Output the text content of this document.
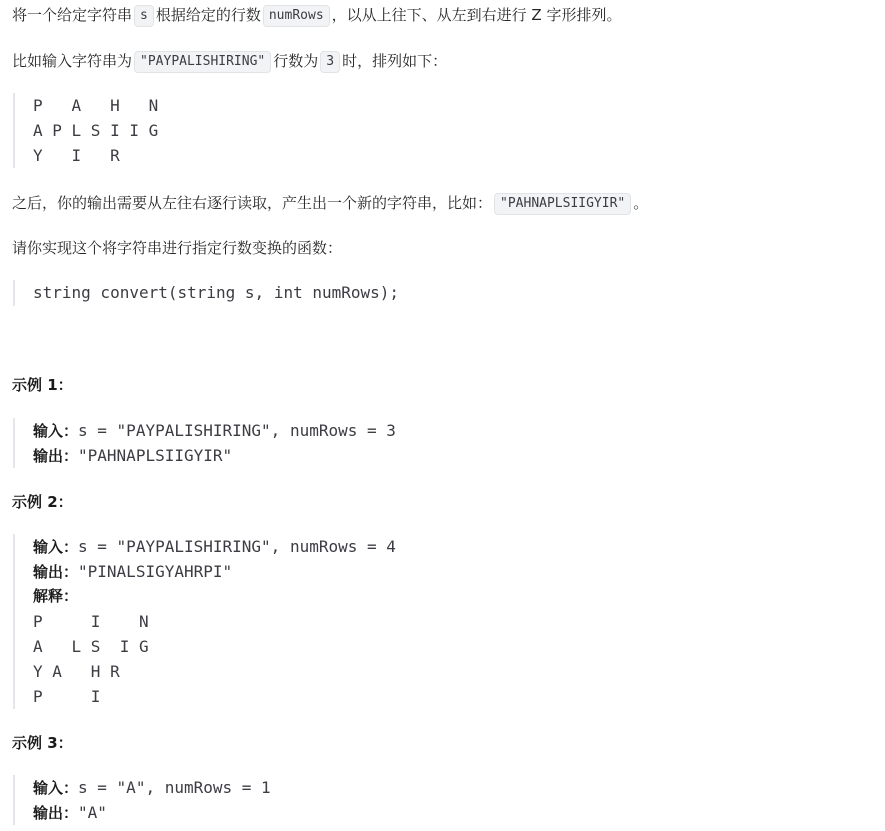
将一个给定字符串 s 根据给定的行数 numRows ，以从上往下、从左到右进行 Z 字形排列。
比如输入字符串为 "PAYPALISHIRING" 行数为 3 时，排列如下：
P   A   H   N
A P L S I I G
Y   I   R
之后，你的输出需要从左往右逐行读取，产生出一个新的字符串，比如： "PAHNAPLSIIGYIR" 。
请你实现这个将字符串进行指定行数变换的函数：
string convert(string s, int numRows);
示例 1：
输入：s = "PAYPALISHIRING", numRows = 3
输出："PAHNAPLSIIGYIR"
示例 2：
输入：s = "PAYPALISHIRING", numRows = 4
输出："PINALSIGYAHRPI"
解释：
P     I    N
A   L S  I G
Y A   H R
P     I
示例 3：
输入：s = "A", numRows = 1
输出："A"
